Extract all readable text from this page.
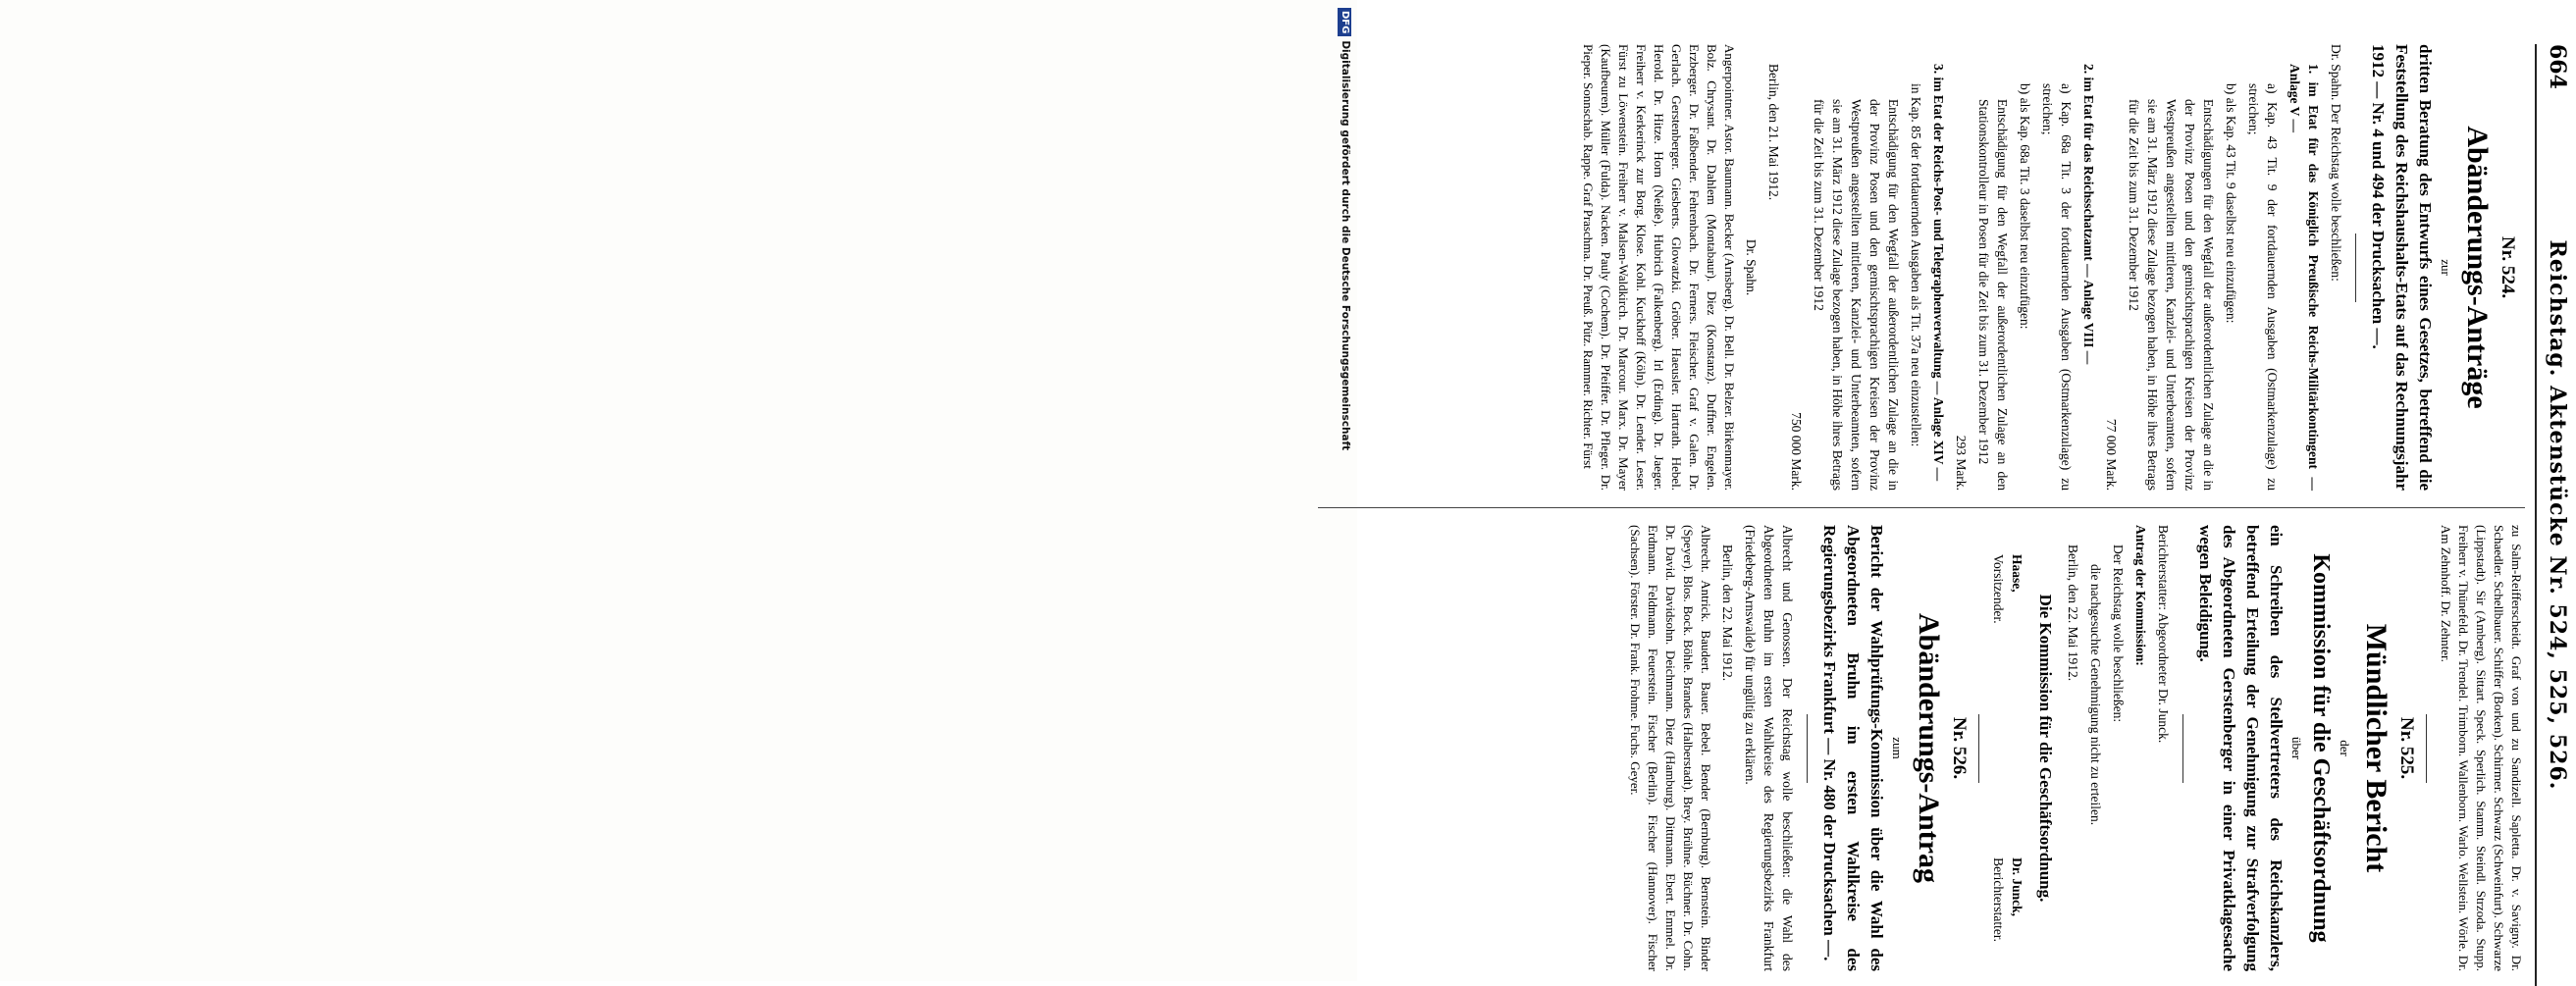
664
Reichstag. Aktenstücke Nr. 524, 525, 526.
Nr. 524.
Abänderungs-Anträge
zur
dritten Beratung des Entwurfs eines Gesetzes, betreffend die Feststellung des Reichshaushalts-Etats auf das Rechnungsjahr 1912 — Nr. 4 und 494 der Drucksachen —.

Dr. Spahn. Der Reichstag wolle beschließen:

1. im Etat für das Königlich Preußische Reichs-Militärkontingent — Anlage V —

a) Kap. 43 Tit. 9 der fortdauernden Ausgaben (Ostmarkenzulage) zu streichen;

b) als Kap. 43 Tit. 9 daselbst neu einzufügen:

Entschädigungen für den Wegfall der außerordentlichen Zulage an die in der Provinz Posen und den gemischtsprachigen Kreisen der Provinz Westpreußen angestellten mittleren, Kanzlei- und Unterbeamten, sofern sie am 31. März 1912 diese Zulage bezogen haben, in Höhe ihres Betrags für die Zeit bis zum 31. Dezember 1912

77 000 Mark.

2. im Etat für das Reichsschatzamt — Anlage VIII —

a) Kap. 68a Tit. 3 der fortdauernden Ausgaben (Ostmarkenzulage) zu streichen;

b) als Kap. 68a Tit. 3 daselbst neu einzufügen:

Entschädigung für den Wegfall der außerordentlichen Zulage an den Stationskontrolleur in Posen für die Zeit bis zum 31. Dezember 1912

293 Mark.

3. im Etat der Reichs-Post- und Telegraphenverwaltung — Anlage XIV —

in Kap. 85 der fortdauernden Ausgaben als Tit. 37a neu einzustellen:

Entschädigung für den Wegfall der außerordentlichen Zulage an die in der Provinz Posen und den gemischtsprachigen Kreisen der Provinz Westpreußen angestellten mittleren, Kanzlei- und Unterbeamten, sofern sie am 31. März 1912 diese Zulage bezogen haben, in Höhe ihres Betrags für die Zeit bis zum 31. Dezember 1912

750 000 Mark.

Berlin, den 21. Mai 1912.

Dr. Spahn.

Angerpointner. Astor. Baumann. Becker (Arnsberg). Dr. Bell. Dr. Belzer. Birkenmayer. Bolz. Chrysant. Dr. Dahlem (Montabaur). Diez (Konstanz). Duffner. Engelen. Erzberger. Dr. Faßbender. Fehrenbach. Dr. Ferners. Fleischer. Graf v. Galen. Dr. Gerlach. Gerstenberger. Giesberts. Glowatzki. Gröber. Haeusler. Hartrath. Hebel. Herold. Dr. Hitze. Horn (Neiße). Hubrich (Falkenberg). Irl (Erding). Dr. Jaeger. Freiherr v. Kerkerinck zur Borg. Klose. Kohl. Kuckhoff (Köln). Dr. Lender. Leser. Fürst zu Löwenstein. Freiherr v. Malsen-Waldkirch. Dr. Marcour. Marx. Dr. Mayer (Kaufbeuren). Müller (Fulda). Nacken. Pauly (Cochem). Dr. Pfeiffer. Dr. Pfleger. Dr. Pieper. Sonnschab. Rappe. Graf Praschma. Dr. Preuß. Pütz. Rammer. Richter. Fürst

zu Salm-Reifferscheidt. Graf von und zu Sandizell. Sapletta. Dr. v. Savigny. Dr. Schaedler. Schellbauer. Schiffer (Borken). Schirmer. Schwarz (Schweinfurt). Schwarze (Lippstadt). Sir (Amberg). Sittart. Speck. Sperlich. Stamm. Steindl. Strzoda. Stupp. Freiherr v. Thünefeld. Dr. Trendel. Trimborn. Wallenborn. Warlo. Wellstein. Wörle. Dr. Am Zehnhoff. Dr. Zehnter.

Nr. 525.
Mündlicher Bericht
der
Kommission für die Geschäftsordnung
über
ein Schreiben des Stellvertreters des Reichskanzlers, betreffend Erteilung der Genehmigung zur Strafverfolgung des Abgeordneten Gerstenberger in einer Privatklagesache wegen Beleidigung.

Berichterstatter: Abgeordneter Dr. Junck.

Antrag der Kommission:

Der Reichstag wolle beschließen:

die nachgesuchte Genehmigung nicht zu erteilen.

Berlin, den 22. Mai 1912.

Die Kommission für die Geschäftsordnung.

Haase,
Vorsitzender.
Dr. Junck,
Berichterstatter.
Nr. 526.
Abänderungs-Antrag
zum
Bericht der Wahlprüfungs-Kommission über die Wahl des Abgeordneten Bruhn im ersten Wahlkreise des Regierungsbezirks Frankfurt — Nr. 480 der Drucksachen —.

Albrecht und Genossen. Der Reichstag wolle beschließen: die Wahl des Abgeordneten Bruhn im ersten Wahlkreise des Regierungsbezirks Frankfurt (Friedeberg-Arnswalde) für ungültig zu erklären.

Berlin, den 22. Mai 1912.

Albrecht. Antrick. Baudert. Bauer. Bebel. Bender (Bernburg). Bernstein. Binder (Speyer). Blos. Bock. Böhle. Brandes (Halberstadt). Brey. Brühne. Büchner. Dr. Cohn. Dr. David. Davidsohn. Deichmann. Dietz (Hamburg). Dittmann. Ebert. Emmel. Dr. Erdmann. Feldmann. Feuerstein. Fischer (Berlin). Fischer (Hannover). Fischer (Sachsen). Förster. Dr. Frank. Frohme. Fuchs. Geyer.

DFGDigitalisierung gefördert durch die Deutsche Forschungsgemeinschaft
